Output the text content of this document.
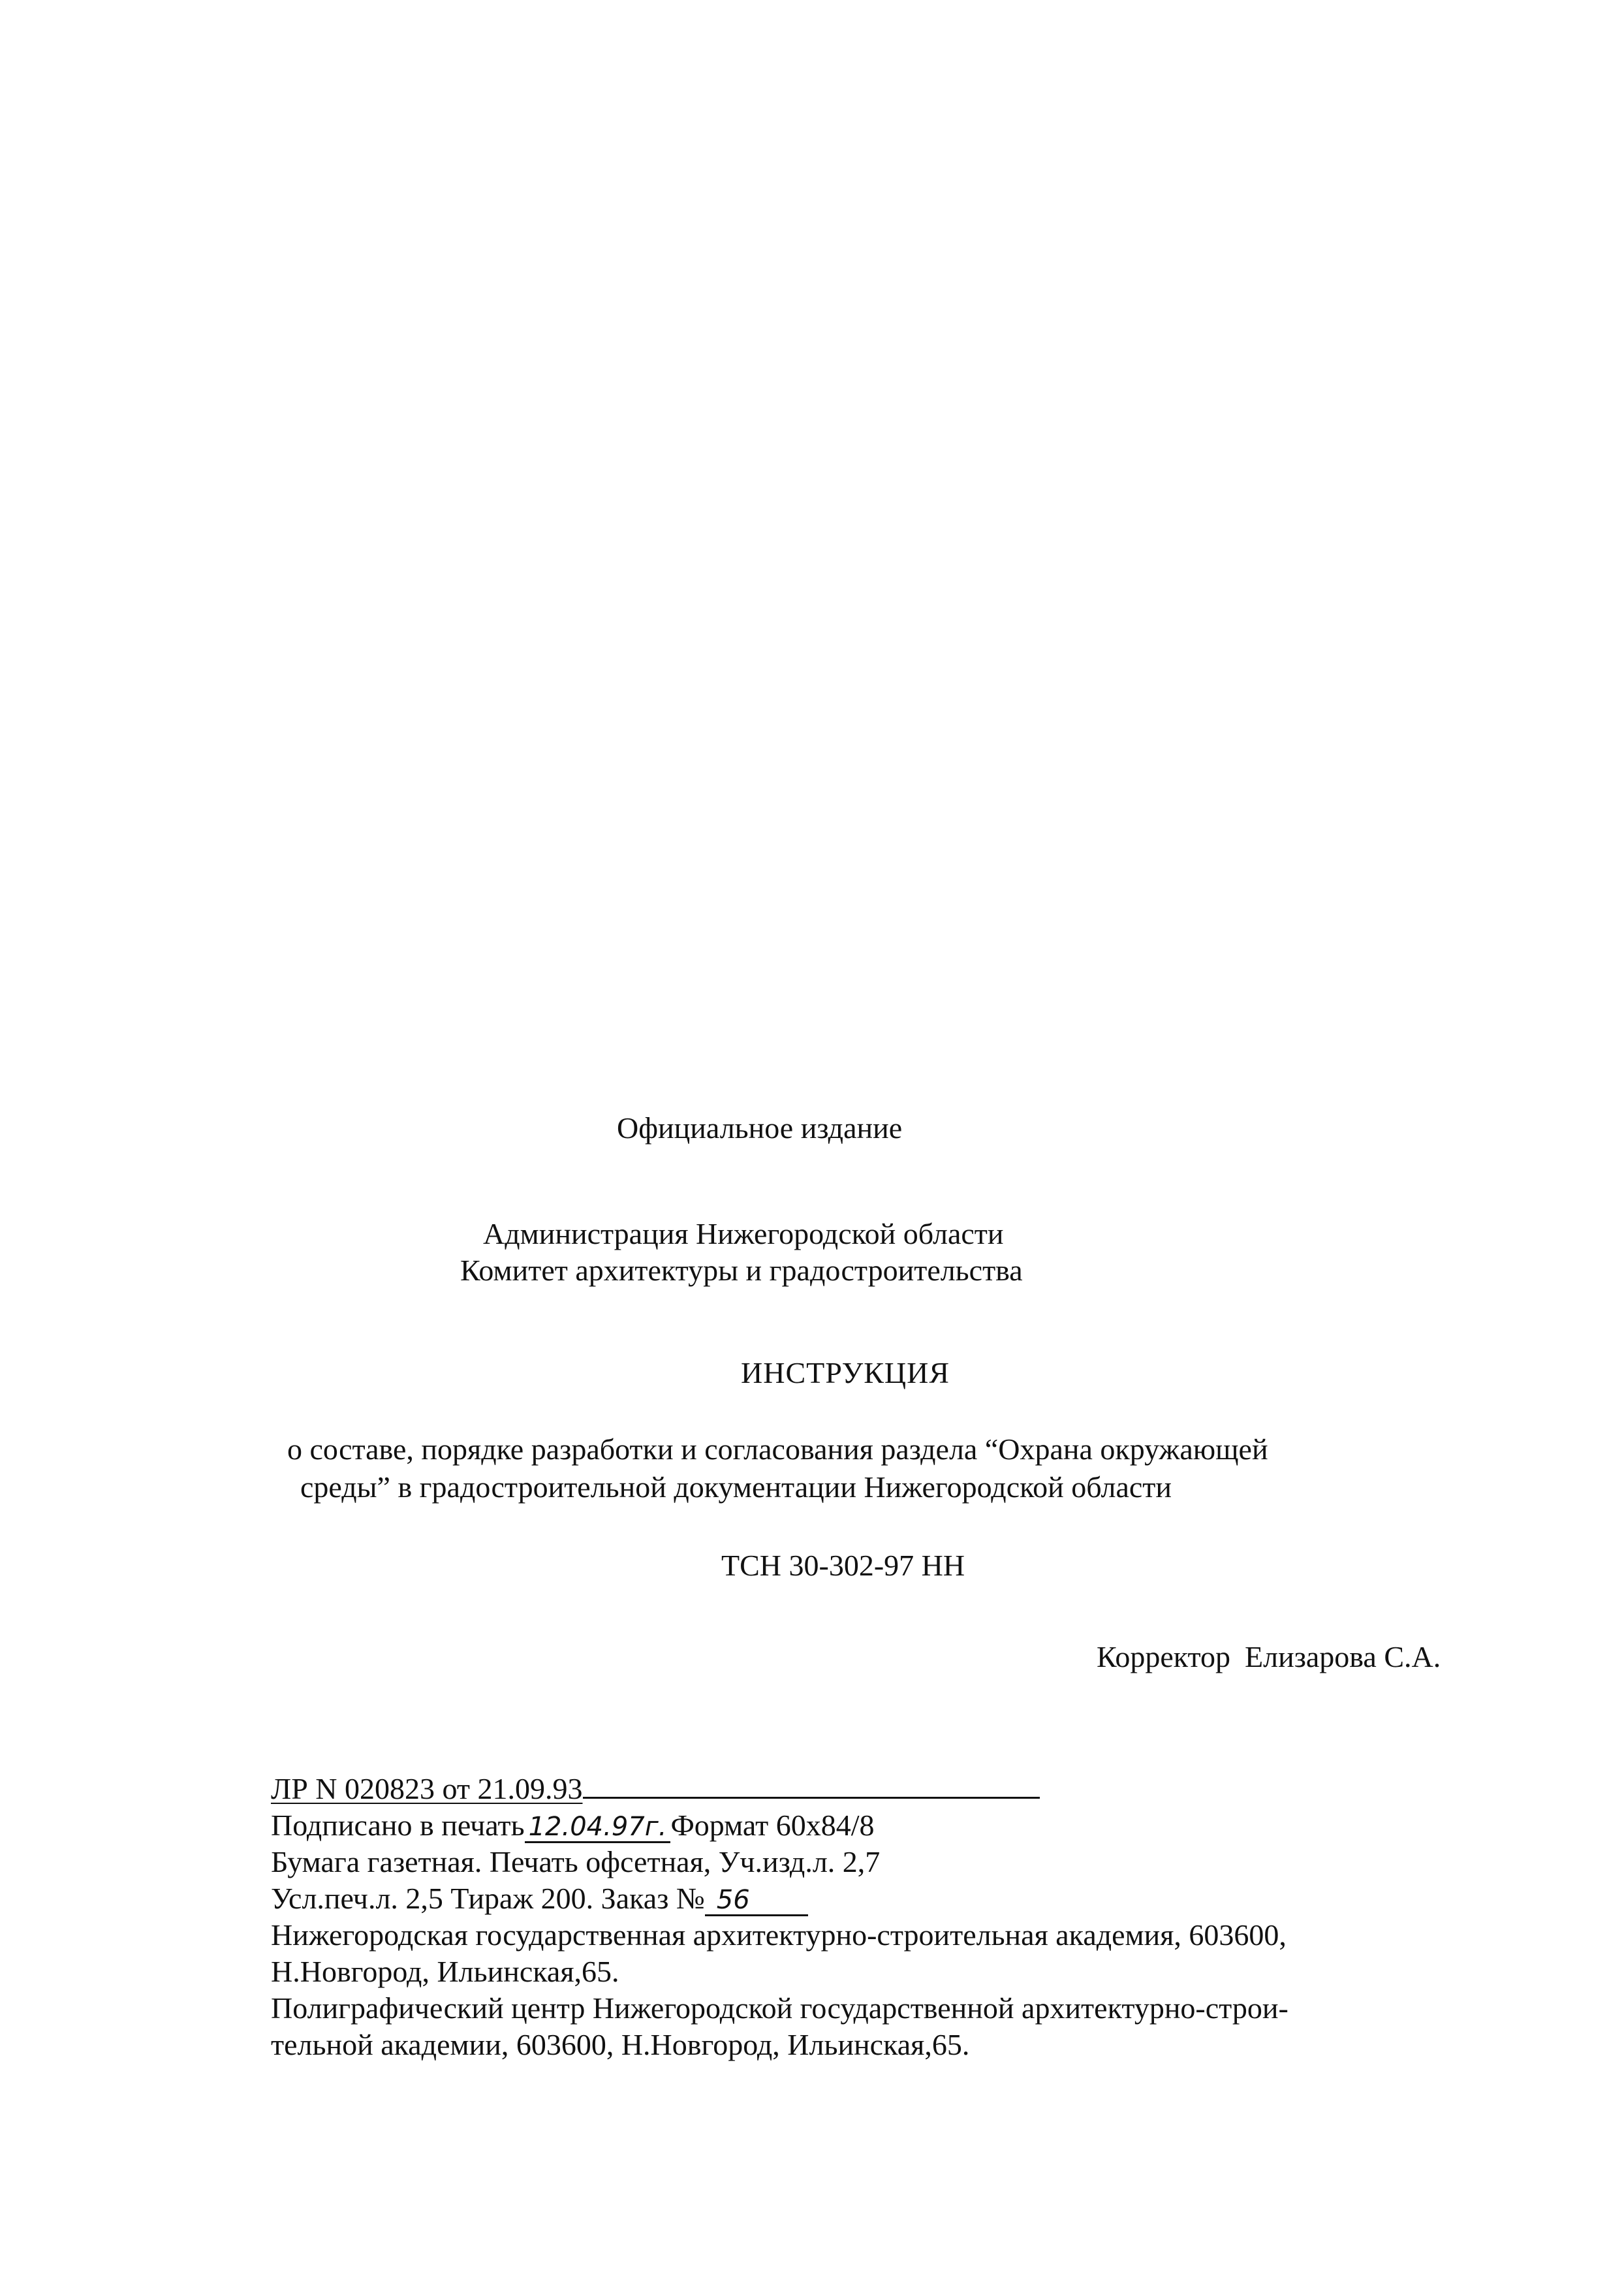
Официальное издание
Администрация Нижегородской области
Комитет архитектуры и градостроительства
ИНСТРУКЦИЯ
о составе, порядке разработки и согласования раздела “Охрана окружающей
среды” в градостроительной документации Нижегородской области
ТСН 30-302-97 НН
Корректор Елизарова С.А.
ЛР N 020823 от 21.09.93
Подписано в печать 12.04.97г. Формат 60х84/8
Бумага газетная. Печать офсетная, Уч.изд.л. 2,7
Усл.печ.л. 2,5 Тираж 200. Заказ № 56
Нижегородская государственная архитектурно-строительная академия, 603600,
Н.Новгород, Ильинская,65.
Полиграфический центр Нижегородской государственной архитектурно-строи-
тельной академии, 603600, Н.Новгород, Ильинская,65.
